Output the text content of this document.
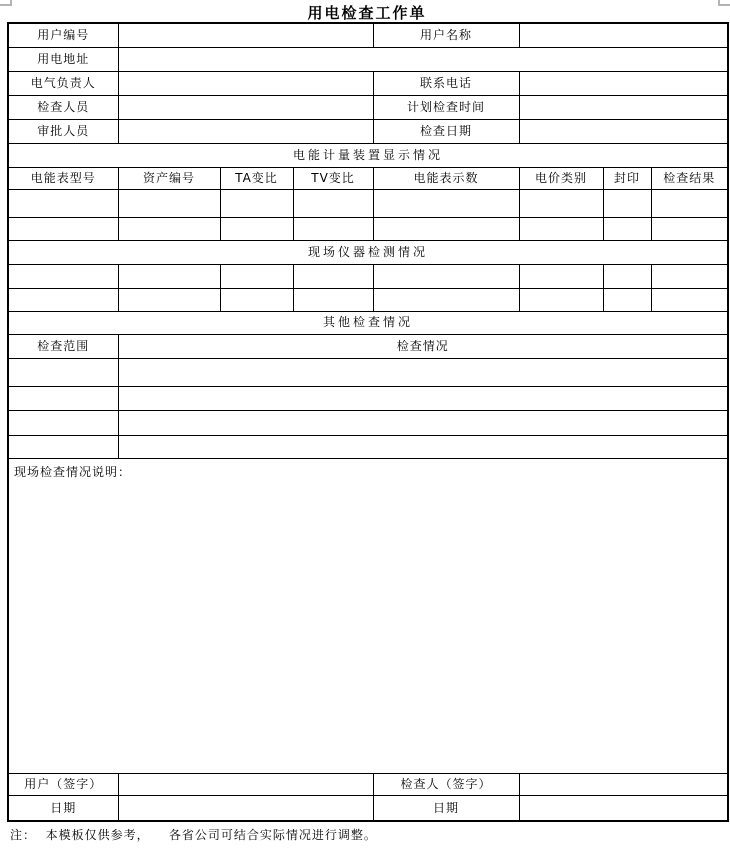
用电检查工作单
用户编号				用户名称			
用电地址							
电气负责人				联系电话			
检查人员				计划检查时间			
审批人员				检查日期			
电能计量装置显示情况							
电能表型号	资产编号	TA变比	TV变比	电能表示数	电价类别	封印	检查结果

现场仪器检测情况							

其他检查情况							
检查范围	检查情况						

现场检查情况说明：							
用户（签字）				检查人（签字）			
日期				日期			
注：  本模板仅供参考，    各省公司可结合实际情况进行调整。
